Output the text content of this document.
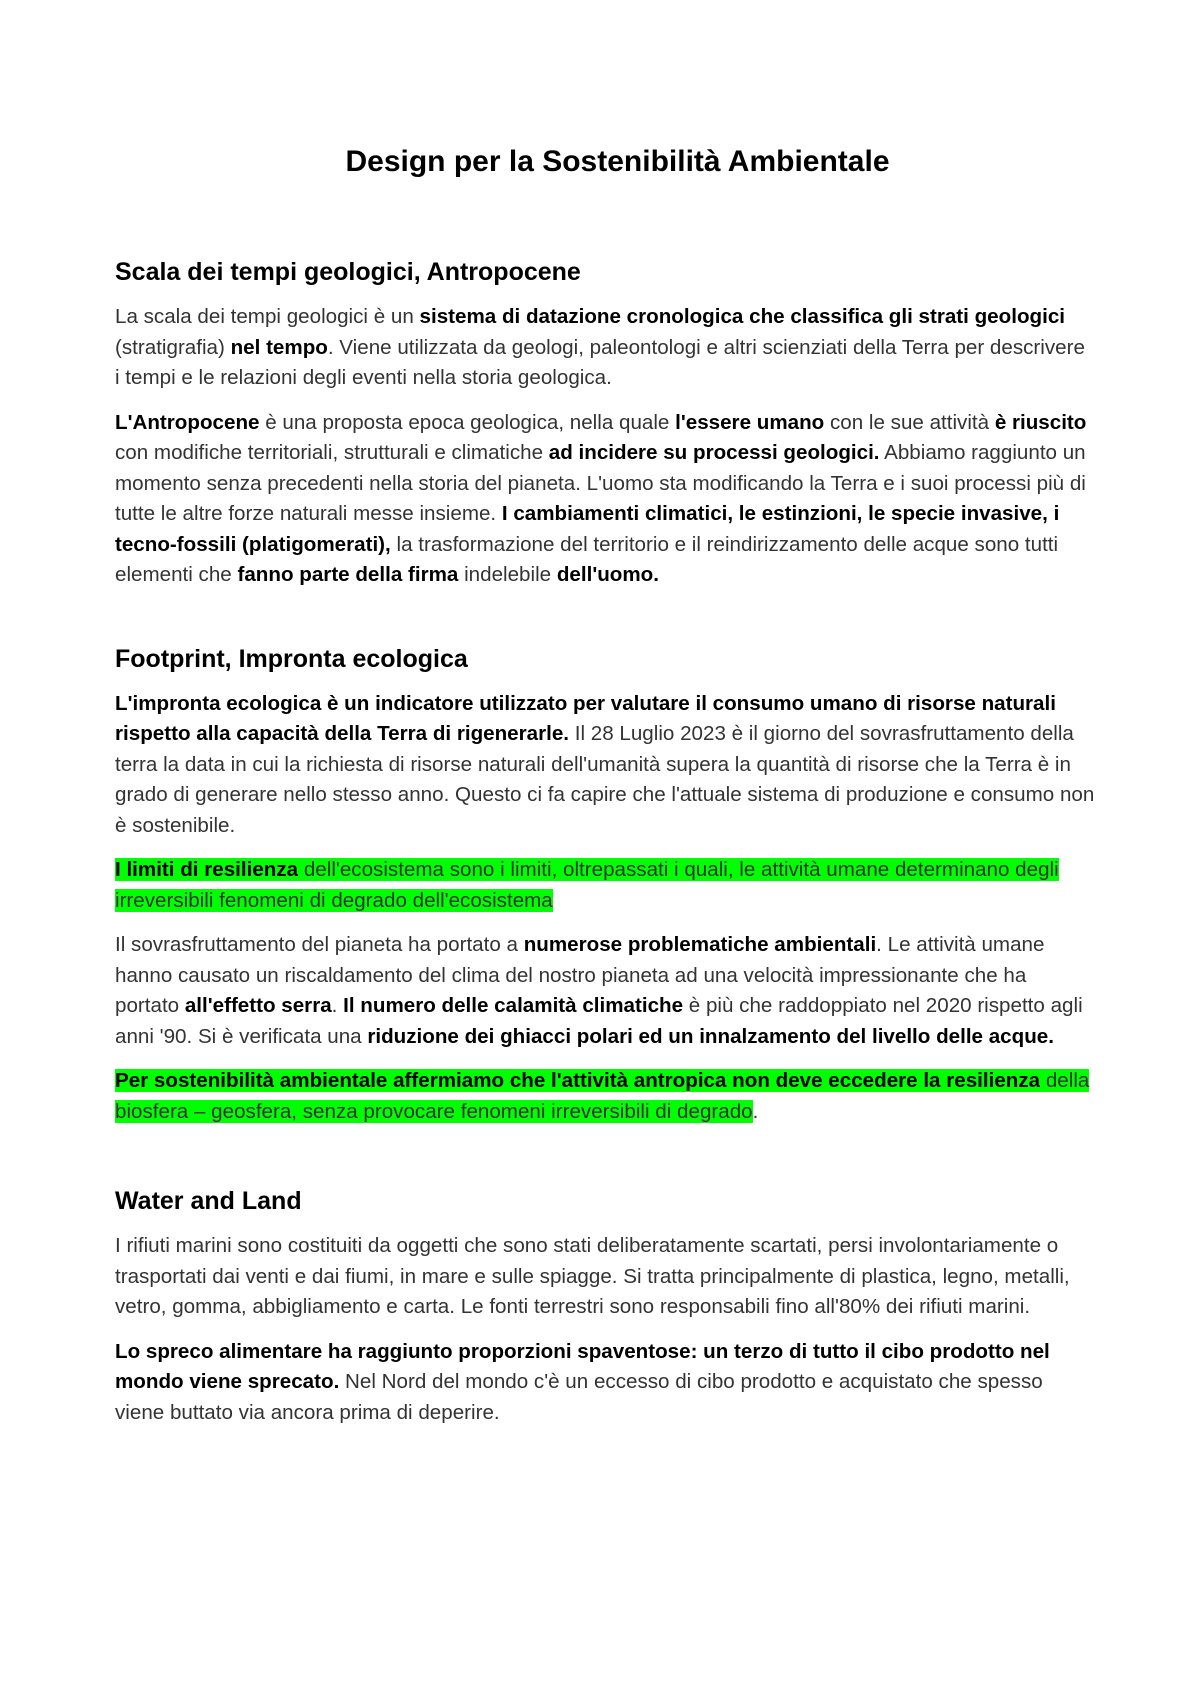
Design per la Sostenibilità Ambientale
Scala dei tempi geologici, Antropocene

La scala dei tempi geologici è un sistema di datazione cronologica che classifica gli strati geologici (stratigrafia) nel tempo. Viene utilizzata da geologi, paleontologi e altri scienziati della Terra per descrivere i tempi e le relazioni degli eventi nella storia geologica.

L'Antropocene è una proposta epoca geologica, nella quale l'essere umano con le sue attività è riuscito con modifiche territoriali, strutturali e climatiche ad incidere su processi geologici. Abbiamo raggiunto un momento senza precedenti nella storia del pianeta. L'uomo sta modificando la Terra e i suoi processi più di tutte le altre forze naturali messe insieme. I cambiamenti climatici, le estinzioni, le specie invasive, i tecno-fossili (platigomerati), la trasformazione del territorio e il reindirizzamento delle acque sono tutti elementi che fanno parte della firma indelebile dell'uomo.

Footprint, Impronta ecologica

L'impronta ecologica è un indicatore utilizzato per valutare il consumo umano di risorse naturali rispetto alla capacità della Terra di rigenerarle. Il 28 Luglio 2023 è il giorno del sovrasfruttamento della terra la data in cui la richiesta di risorse naturali dell'umanità supera la quantità di risorse che la Terra è in grado di generare nello stesso anno. Questo ci fa capire che l'attuale sistema di produzione e consumo non è sostenibile.

I limiti di resilienza dell'ecosistema sono i limiti, oltrepassati i quali, le attività umane determinano degli irreversibili fenomeni di degrado dell'ecosistema

Il sovrasfruttamento del pianeta ha portato a numerose problematiche ambientali. Le attività umane hanno causato un riscaldamento del clima del nostro pianeta ad una velocità impressionante che ha portato all'effetto serra. Il numero delle calamità climatiche è più che raddoppiato nel 2020 rispetto agli anni '90. Si è verificata una riduzione dei ghiacci polari ed un innalzamento del livello delle acque.

Per sostenibilità ambientale affermiamo che l'attività antropica non deve eccedere la resilienza della biosfera – geosfera, senza provocare fenomeni irreversibili di degrado.

Water and Land

I rifiuti marini sono costituiti da oggetti che sono stati deliberatamente scartati, persi involontariamente o trasportati dai venti e dai fiumi, in mare e sulle spiagge. Si tratta principalmente di plastica, legno, metalli, vetro, gomma, abbigliamento e carta. Le fonti terrestri sono responsabili fino all'80% dei rifiuti marini.

Lo spreco alimentare ha raggiunto proporzioni spaventose: un terzo di tutto il cibo prodotto nel mondo viene sprecato. Nel Nord del mondo c'è un eccesso di cibo prodotto e acquistato che spesso viene buttato via ancora prima di deperire.
